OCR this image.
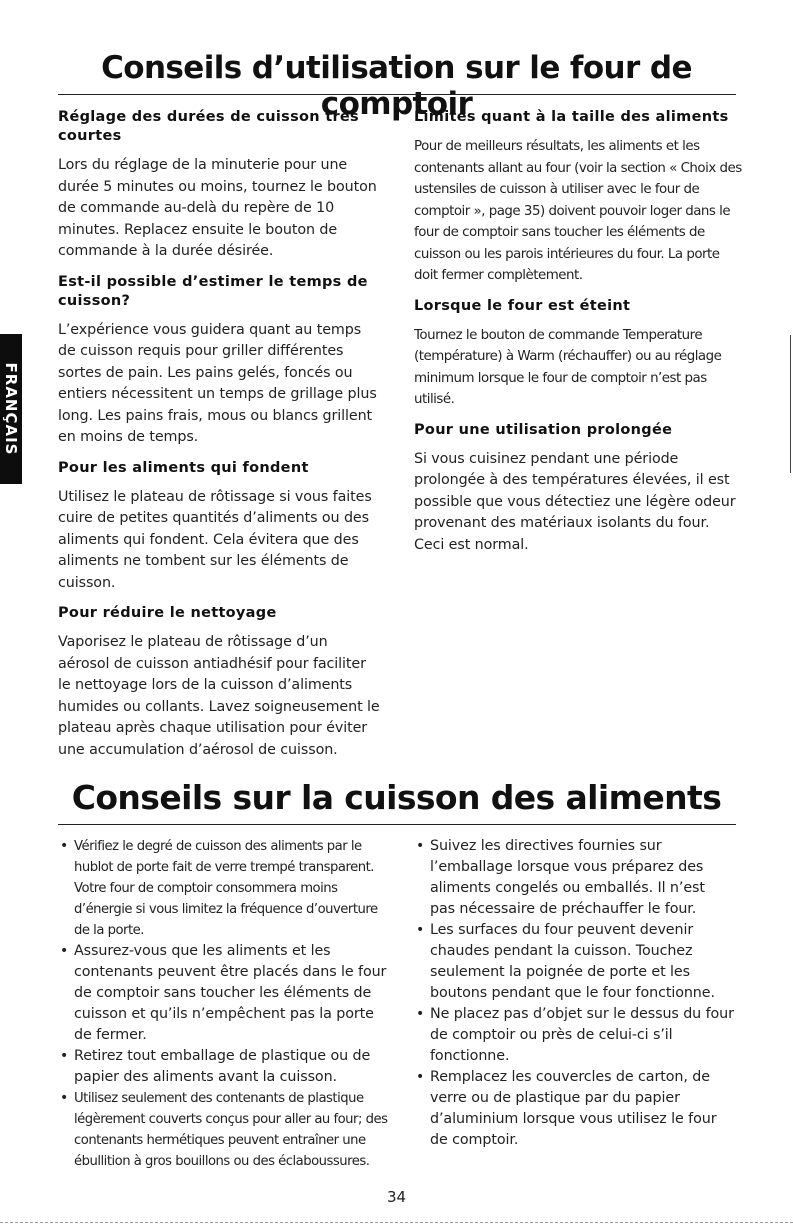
Conseils d’utilisation sur le four de comptoir
Réglage des durées de cuisson très courtes
Lors du réglage de la minuterie pour une durée 5 minutes ou moins, tournez le bouton de commande au-delà du repère de 10 minutes. Replacez ensuite le bouton de commande à la durée désirée.
Est-il possible d’estimer le temps de cuisson?
L’expérience vous guidera quant au temps de cuisson requis pour griller différentes sortes de pain. Les pains gelés, foncés ou entiers nécessitent un temps de grillage plus long. Les pains frais, mous ou blancs grillent en moins de temps.
Pour les aliments qui fondent
Utilisez le plateau de rôtissage si vous faites cuire de petites quantités d’aliments ou des aliments qui fondent. Cela évitera que des aliments ne tombent sur les éléments de cuisson.
Pour réduire le nettoyage
Vaporisez le plateau de rôtissage d’un aérosol de cuisson antiadhésif pour faciliter le nettoyage lors de la cuisson d’aliments humides ou collants. Lavez soigneusement le plateau après chaque utilisation pour éviter une accumulation d’aérosol de cuisson.
Limites quant à la taille des aliments
Pour de meilleurs résultats, les aliments et les contenants allant au four (voir la section « Choix des ustensiles de cuisson à utiliser avec le four de comptoir », page 35) doivent pouvoir loger dans le four de comptoir sans toucher les éléments de cuisson ou les parois intérieures du four. La porte doit fermer complètement.
Lorsque le four est éteint
Tournez le bouton de commande Temperature (température) à Warm (réchauffer) ou au réglage minimum lorsque le four de comptoir n’est pas utilisé.
Pour une utilisation prolongée
Si vous cuisinez pendant une période prolongée à des températures élevées, il est possible que vous détectiez une légère odeur provenant des matériaux isolants du four. Ceci est normal.
Conseils sur la cuisson des aliments
• Vérifiez le degré de cuisson des aliments par le hublot de porte fait de verre trempé transparent. Votre four de comptoir consommera moins d’énergie si vous limitez la fréquence d’ouverture de la porte.
• Assurez-vous que les aliments et les contenants peuvent être placés dans le four de comptoir sans toucher les éléments de cuisson et qu’ils n’empêchent pas la porte de fermer.
• Retirez tout emballage de plastique ou de papier des aliments avant la cuisson.
• Utilisez seulement des contenants de plastique légèrement couverts conçus pour aller au four; des contenants hermétiques peuvent entraîner une ébullition à gros bouillons ou des éclaboussures.
• Suivez les directives fournies sur l’emballage lorsque vous préparez des aliments congelés ou emballés. Il n’est pas nécessaire de préchauffer le four.
• Les surfaces du four peuvent devenir chaudes pendant la cuisson. Touchez seulement la poignée de porte et les boutons pendant que le four fonctionne.
• Ne placez pas d’objet sur le dessus du four de comptoir ou près de celui-ci s’il fonctionne.
• Remplacez les couvercles de carton, de verre ou de plastique par du papier d’aluminium lorsque vous utilisez le four de comptoir.
FRANÇAIS
34
